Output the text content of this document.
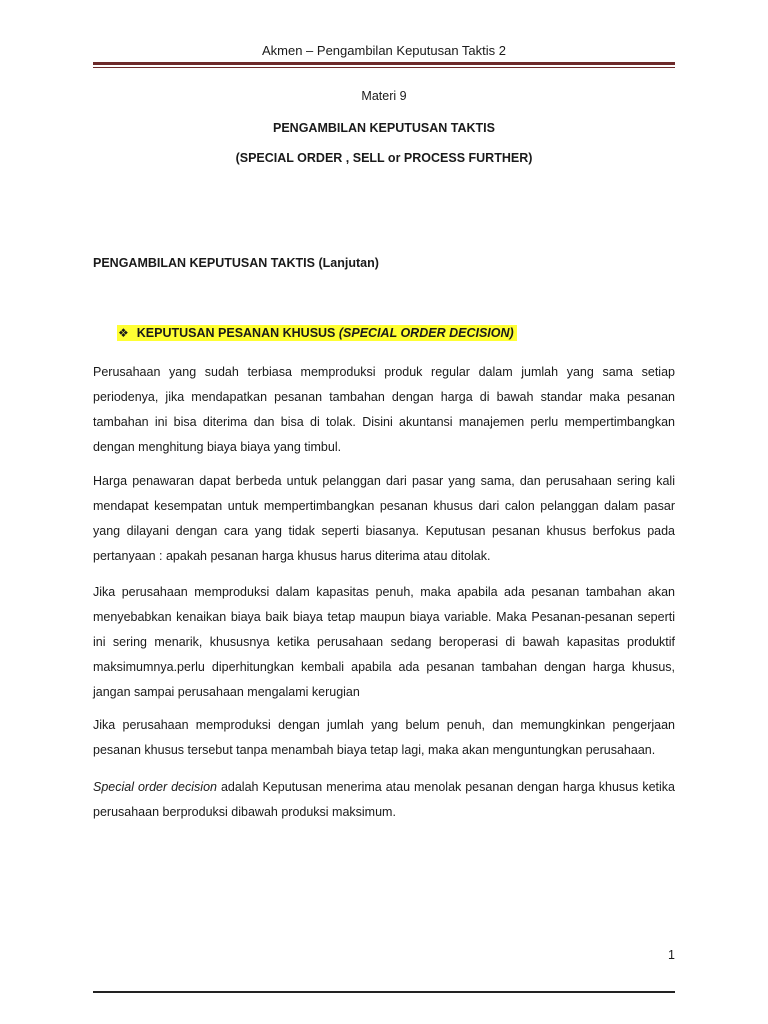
Akmen – Pengambilan Keputusan Taktis 2
Materi 9
PENGAMBILAN KEPUTUSAN TAKTIS
(SPECIAL ORDER , SELL or PROCESS FURTHER)
PENGAMBILAN KEPUTUSAN TAKTIS (Lanjutan)
❖ KEPUTUSAN PESANAN KHUSUS (SPECIAL ORDER DECISION)

Perusahaan yang sudah terbiasa memproduksi produk regular dalam jumlah yang sama setiap periodenya, jika mendapatkan pesanan tambahan dengan harga di bawah standar maka pesanan tambahan ini bisa diterima dan bisa di tolak. Disini akuntansi manajemen perlu mempertimbangkan dengan menghitung biaya biaya yang timbul.

Harga penawaran dapat berbeda untuk pelanggan dari pasar yang sama, dan perusahaan sering kali mendapat kesempatan untuk mempertimbangkan pesanan khusus dari calon pelanggan dalam pasar yang dilayani dengan cara yang tidak seperti biasanya. Keputusan pesanan khusus berfokus pada pertanyaan : apakah pesanan harga khusus harus diterima atau ditolak.

Jika perusahaan memproduksi dalam kapasitas penuh, maka apabila ada pesanan tambahan akan menyebabkan kenaikan biaya baik biaya tetap maupun biaya variable. Maka Pesanan-pesanan seperti ini sering menarik, khususnya ketika perusahaan sedang beroperasi di bawah kapasitas produktif maksimumnya.perlu diperhitungkan kembali apabila ada pesanan tambahan dengan harga khusus, jangan sampai perusahaan mengalami kerugian

Jika perusahaan memproduksi dengan jumlah yang belum penuh, dan memungkinkan pengerjaan pesanan khusus tersebut tanpa menambah biaya tetap lagi, maka akan menguntungkan perusahaan.

Special order decision adalah Keputusan menerima atau menolak pesanan dengan harga khusus ketika perusahaan berproduksi dibawah produksi maksimum.

1
